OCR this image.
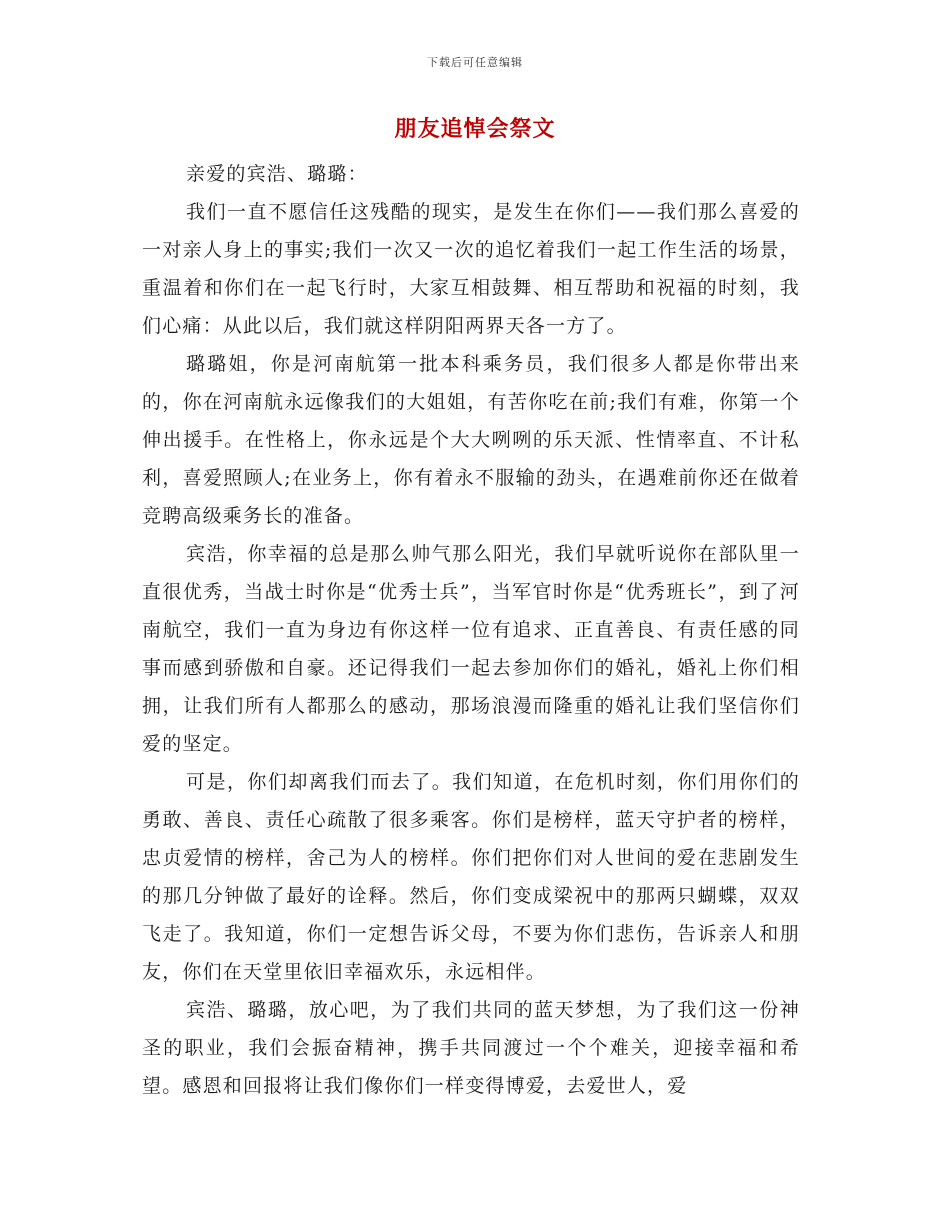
下载后可任意编辑
朋友追悼会祭文

亲爱的宾浩、璐璐：

我们一直不愿信任这残酷的现实，是发生在你们——我们那么喜爱的一对亲人身上的事实;我们一次又一次的追忆着我们一起工作生活的场景，重温着和你们在一起飞行时，大家互相鼓舞、相互帮助和祝福的时刻，我们心痛：从此以后，我们就这样阴阳两界天各一方了。

璐璐姐，你是河南航第一批本科乘务员，我们很多人都是你带出来的，你在河南航永远像我们的大姐姐，有苦你吃在前;我们有难，你第一个伸出援手。在性格上，你永远是个大大咧咧的乐天派、性情率直、不计私利，喜爱照顾人;在业务上，你有着永不服输的劲头，在遇难前你还在做着竞聘高级乘务长的准备。

宾浩，你幸福的总是那么帅气那么阳光，我们早就听说你在部队里一直很优秀，当战士时你是“优秀士兵”，当军官时你是“优秀班长”，到了河南航空，我们一直为身边有你这样一位有追求、正直善良、有责任感的同事而感到骄傲和自豪。还记得我们一起去参加你们的婚礼，婚礼上你们相拥，让我们所有人都那么的感动，那场浪漫而隆重的婚礼让我们坚信你们爱的坚定。

可是，你们却离我们而去了。我们知道，在危机时刻，你们用你们的勇敢、善良、责任心疏散了很多乘客。你们是榜样，蓝天守护者的榜样，忠贞爱情的榜样，舍己为人的榜样。你们把你们对人世间的爱在悲剧发生的那几分钟做了最好的诠释。然后，你们变成梁祝中的那两只蝴蝶，双双飞走了。我知道，你们一定想告诉父母，不要为你们悲伤，告诉亲人和朋友，你们在天堂里依旧幸福欢乐，永远相伴。

宾浩、璐璐，放心吧，为了我们共同的蓝天梦想，为了我们这一份神圣的职业，我们会振奋精神，携手共同渡过一个个难关，迎接幸福和希望。感恩和回报将让我们像你们一样变得博爱，去爱世人，爱
